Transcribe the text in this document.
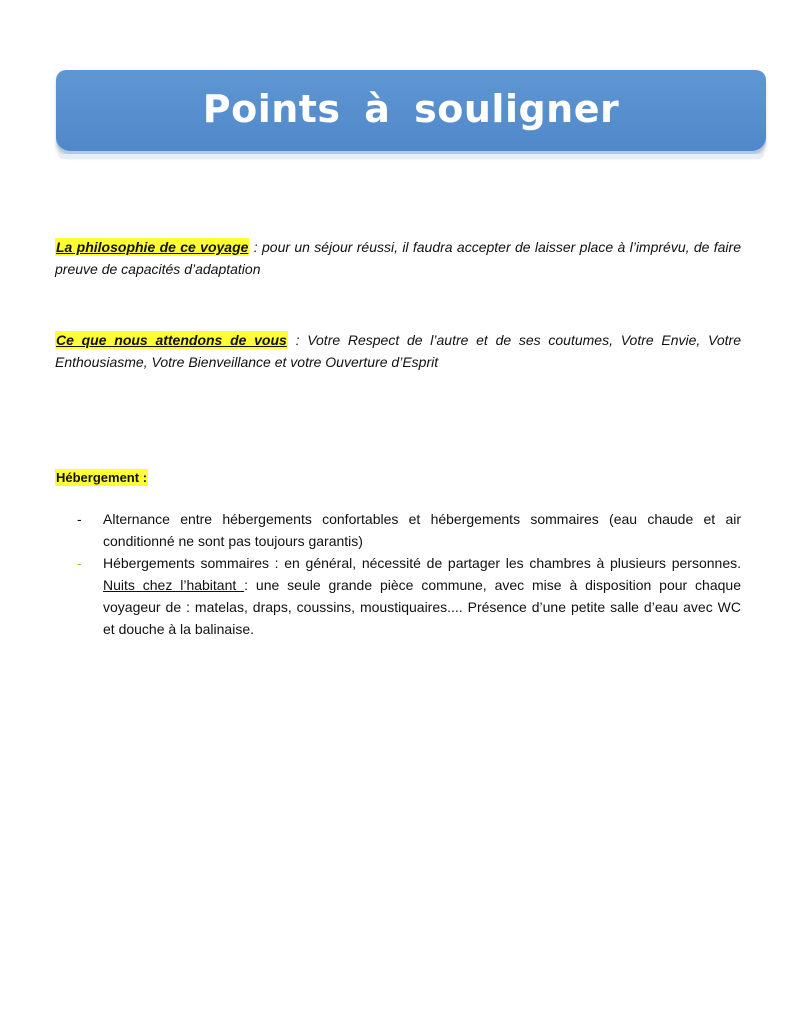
Points à souligner

La philosophie de ce voyage : pour un séjour réussi, il faudra accepter de laisser place à l’imprévu, de faire preuve de capacités d’adaptation

Ce que nous attendons de vous : Votre Respect de l’autre et de ses coutumes, Votre Envie, Votre Enthousiasme, Votre Bienveillance et votre Ouverture d’Esprit

Hébergement :
- Alternance entre hébergements confortables et hébergements sommaires (eau chaude et air conditionné ne sont pas toujours garantis)
- Hébergements sommaires : en général, nécessité de partager les chambres à plusieurs personnes. Nuits chez l’habitant : une seule grande pièce commune, avec mise à disposition pour chaque voyageur de : matelas, draps, coussins, moustiquaires.... Présence d’une petite salle d’eau avec WC et douche à la balinaise.
